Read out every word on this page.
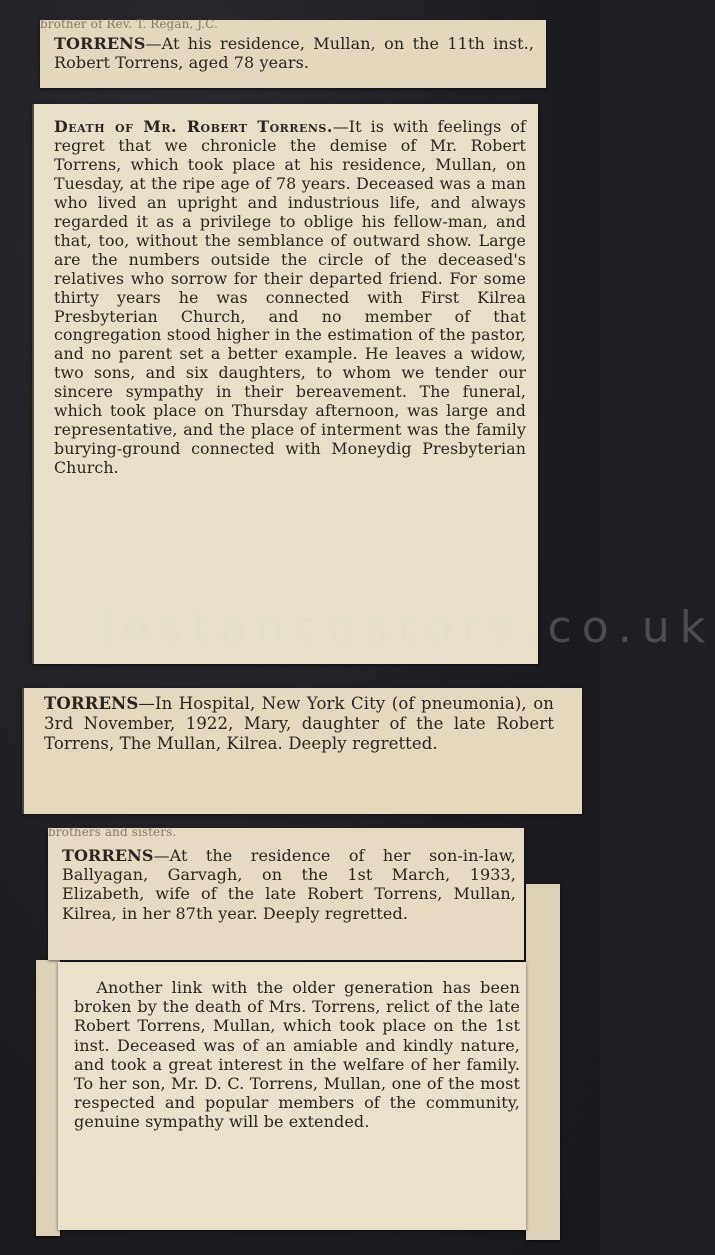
brother of Rev. T. Regan, J.C.

TORRENS—At his residence, Mullan, on the 11th inst., Robert Torrens, aged 78 years.

Death of Mr. Robert Torrens.—It is with feelings of regret that we chronicle the demise of Mr. Robert Torrens, which took place at his residence, Mullan, on Tuesday, at the ripe age of 78 years. Deceased was a man who lived an upright and industrious life, and always regarded it as a privilege to oblige his fellow-man, and that, too, without the semblance of outward show. Large are the numbers outside the circle of the deceased's relatives who sorrow for their departed friend. For some thirty years he was connected with First Kilrea Presbyterian Church, and no member of that congregation stood higher in the estimation of the pastor, and no parent set a better example. He leaves a widow, two sons, and six daughters, to whom we tender our sincere sympathy in their bereavement. The funeral, which took place on Thursday afternoon, was large and representative, and the place of interment was the family burying-ground connected with Moneydig Presbyterian Church.

TORRENS—In Hospital, New York City (of pneumonia), on 3rd November, 1922, Mary, daughter of the late Robert Torrens, The Mullan, Kilrea. Deeply regretted.

brothers and sisters.

TORRENS—At the residence of her son-in-law, Ballyagan, Garvagh, on the 1st March, 1933, Elizabeth, wife of the late Robert Torrens, Mullan, Kilrea, in her 87th year. Deeply regretted.

Another link with the older generation has been broken by the death of Mrs. Torrens, relict of the late Robert Torrens, Mullan, which took place on the 1st inst. Deceased was of an amiable and kindly nature, and took a great interest in the welfare of her family. To her son, Mr. D. C. Torrens, Mullan, one of the most respected and popular members of the community, genuine sympathy will be extended.

lostancestors.co.uk
